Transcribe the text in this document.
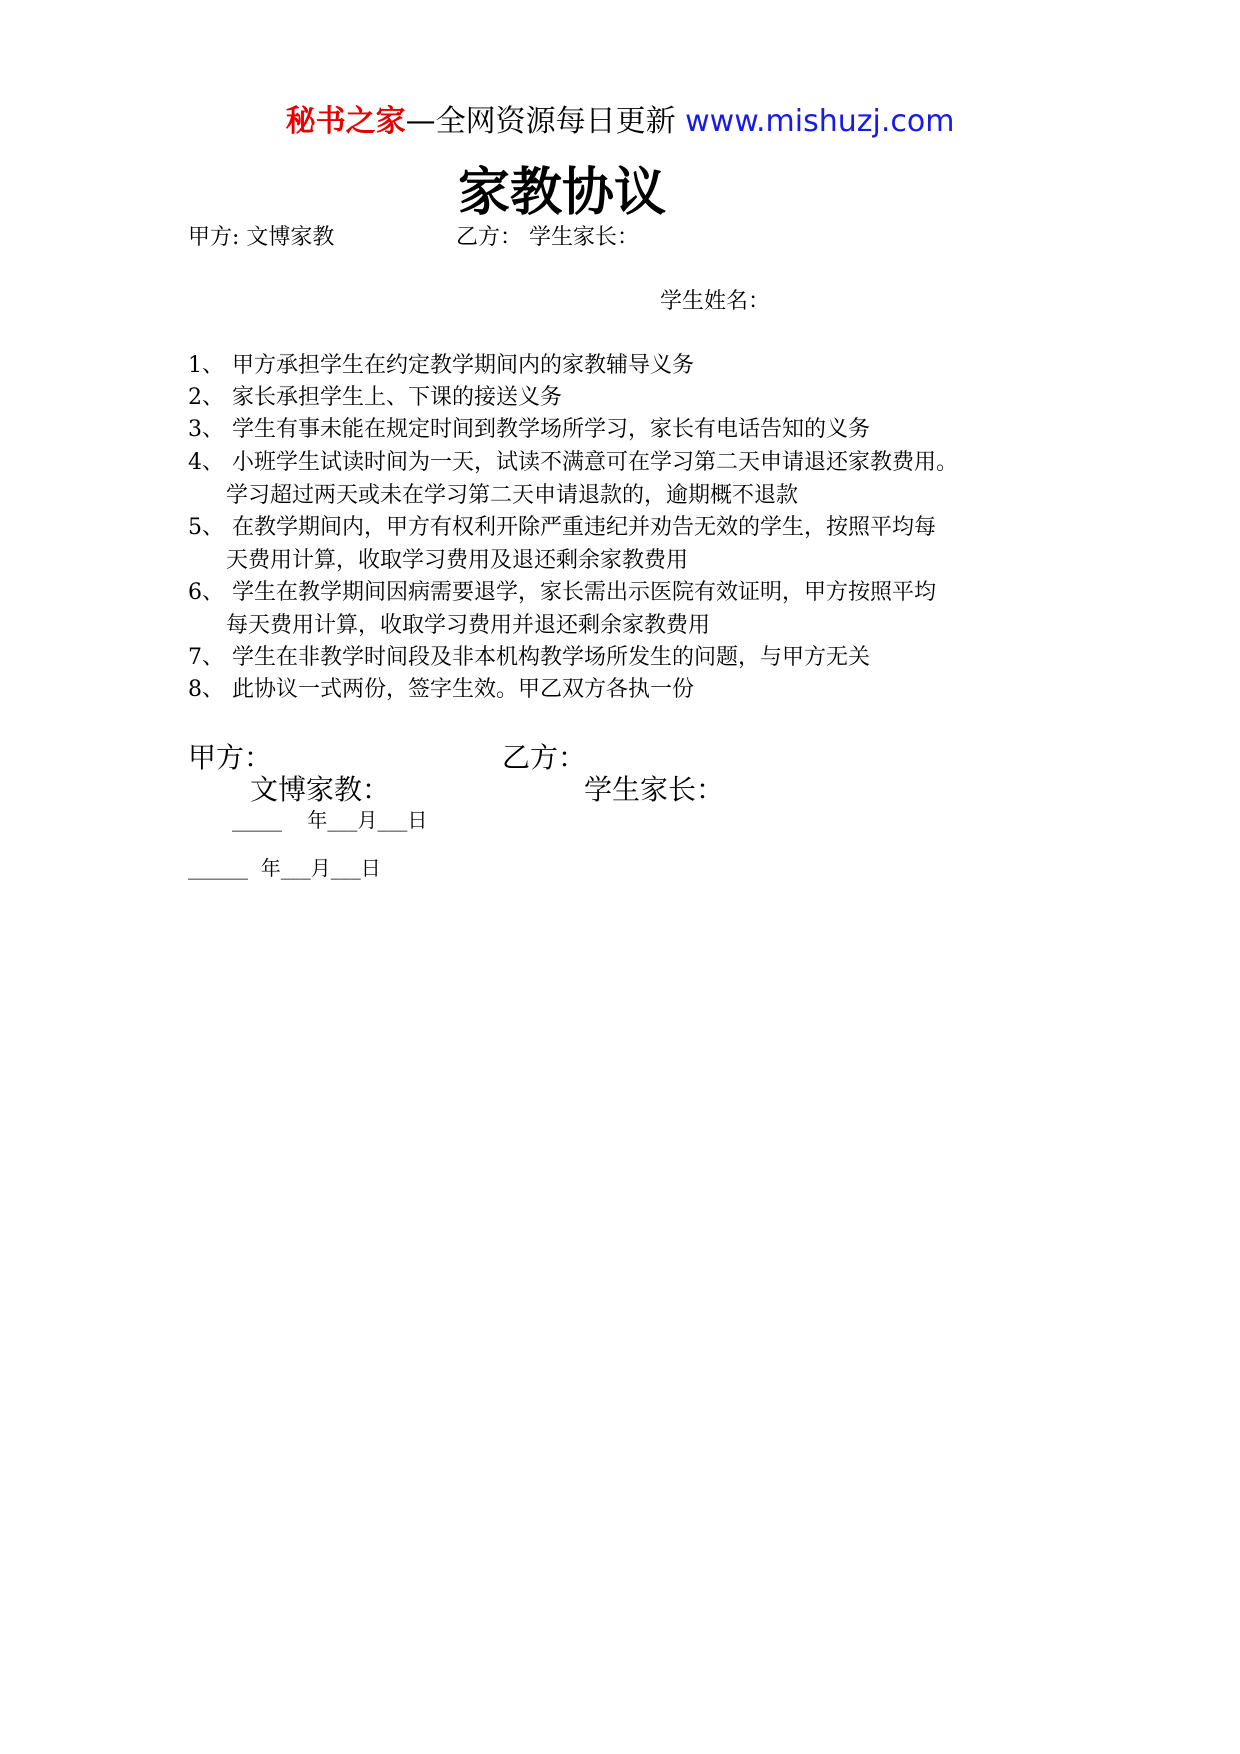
秘书之家—全网资源每日更新 www.mishuzj.com
家教协议
甲方: 文博家教	乙方： 学生家长：
学生姓名：
1、 甲方承担学生在约定教学期间内的家教辅导义务
2、 家长承担学生上、下课的接送义务
3、 学生有事未能在规定时间到教学场所学习，家长有电话告知的义务
4、 小班学生试读时间为一天，试读不满意可在学习第二天申请退还家教费用。
学习超过两天或未在学习第二天申请退款的，逾期概不退款
5、 在教学期间内，甲方有权利开除严重违纪并劝告无效的学生，按照平均每
天费用计算，收取学习费用及退还剩余家教费用
6、 学生在教学期间因病需要退学，家长需出示医院有效证明，甲方按照平均
每天费用计算，收取学习费用并退还剩余家教费用
7、 学生在非教学时间段及非本机构教学场所发生的问题，与甲方无关
8、 此协议一式两份，签字生效。甲乙双方各执一份
甲方：	乙方：
文博家教：	学生家长：
_____    年___月___日
______  年___月___日
